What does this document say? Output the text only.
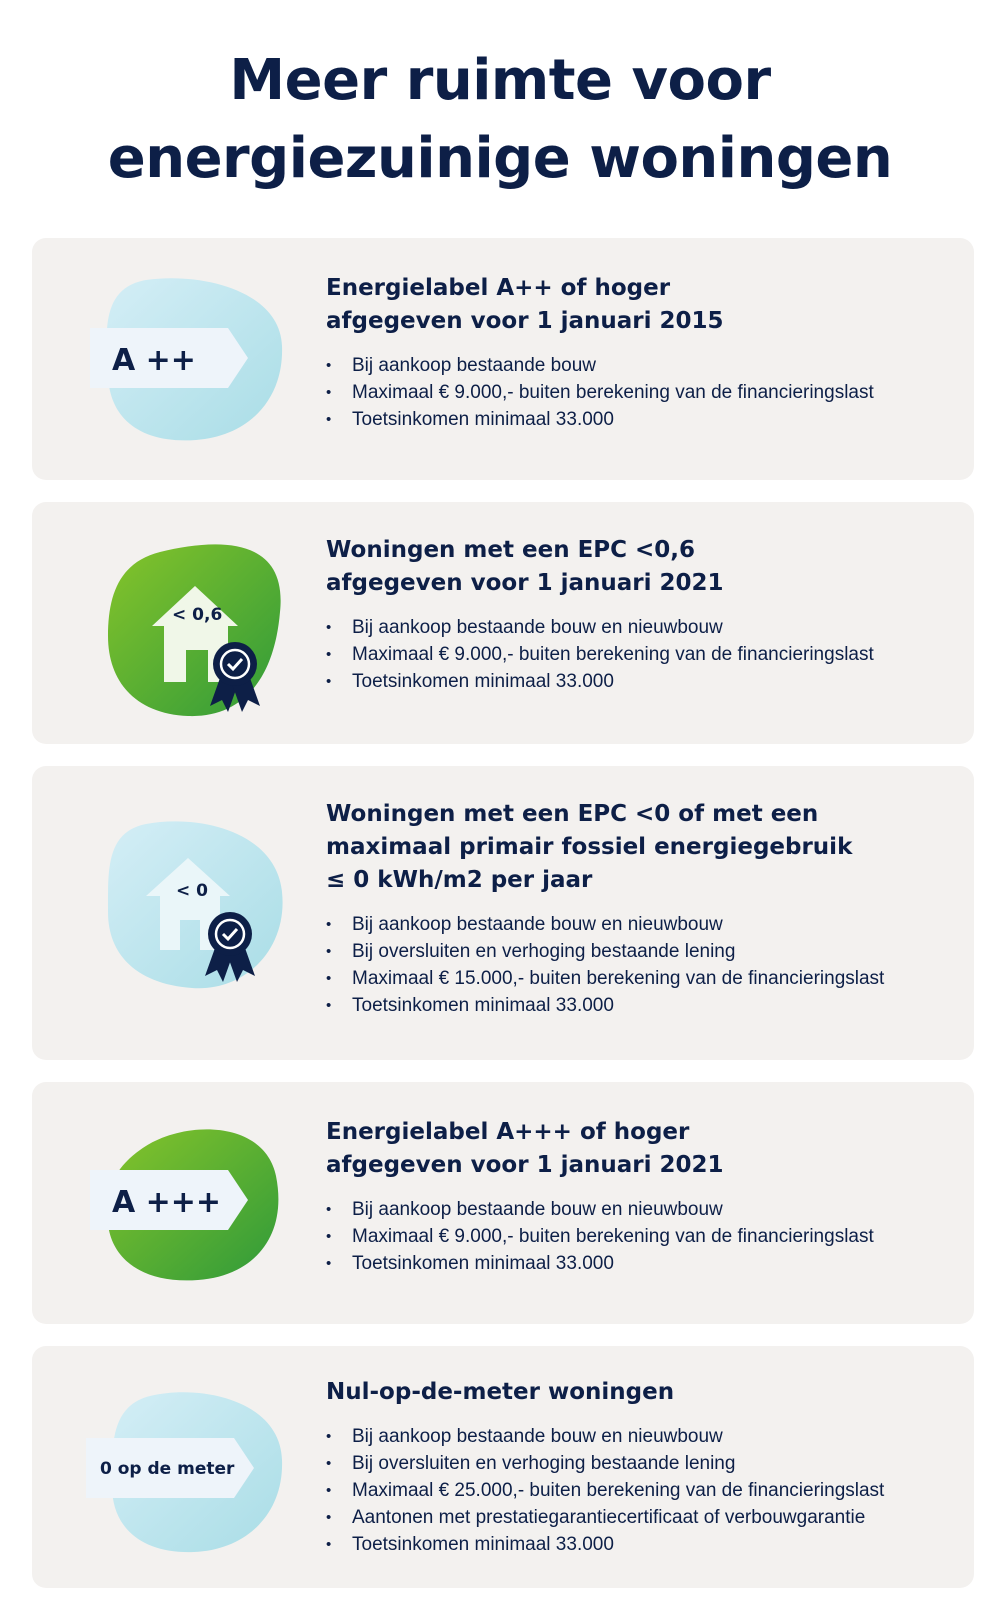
Meer ruimte voor
energiezuinige woningen
A ++
Energielabel A++ of hoger
afgegeven voor 1 januari 2015
• Bij aankoop bestaande bouw
• Maximaal € 9.000,- buiten berekening van de financieringslast
• Toetsinkomen minimaal 33.000
< 0,6
Woningen met een EPC <0,6
afgegeven voor 1 januari 2021
• Bij aankoop bestaande bouw en nieuwbouw
• Maximaal € 9.000,- buiten berekening van de financieringslast
• Toetsinkomen minimaal 33.000
< 0
Woningen met een EPC <0 of met een
maximaal primair fossiel energiegebruik
≤ 0 kWh/m2 per jaar
• Bij aankoop bestaande bouw en nieuwbouw
• Bij oversluiten en verhoging bestaande lening
• Maximaal € 15.000,- buiten berekening van de financieringslast
• Toetsinkomen minimaal 33.000
A +++
Energielabel A+++ of hoger
afgegeven voor 1 januari 2021
• Bij aankoop bestaande bouw en nieuwbouw
• Maximaal € 9.000,- buiten berekening van de financieringslast
• Toetsinkomen minimaal 33.000
0 op de meter
Nul-op-de-meter woningen
• Bij aankoop bestaande bouw en nieuwbouw
• Bij oversluiten en verhoging bestaande lening
• Maximaal € 25.000,- buiten berekening van de financieringslast
• Aantonen met prestatiegarantiecertificaat of verbouwgarantie
• Toetsinkomen minimaal 33.000
